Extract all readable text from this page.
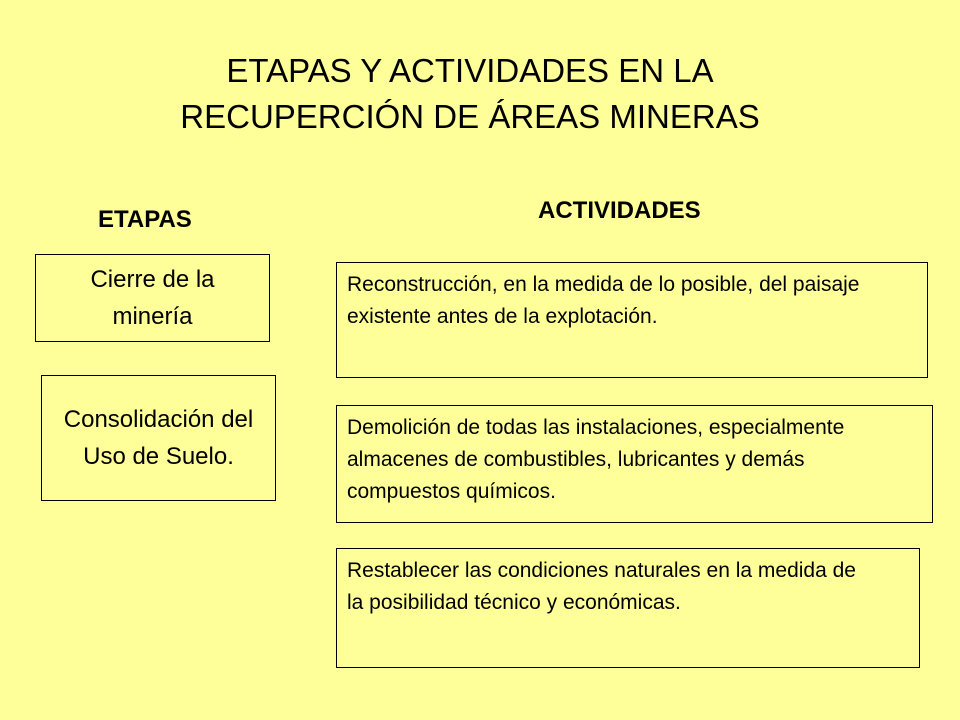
ETAPAS Y ACTIVIDADES EN LA
RECUPERCIÓN DE ÁREAS MINERAS
ETAPAS	ACTIVIDADES
Cierre de la minería
Consolidación del Uso de Suelo.
Reconstrucción, en la medida de lo posible, del paisaje existente antes de la explotación.
Demolición de todas las instalaciones, especialmente almacenes de combustibles, lubricantes y demás compuestos químicos.
Restablecer las condiciones naturales en la medida de la posibilidad técnico y económicas.
